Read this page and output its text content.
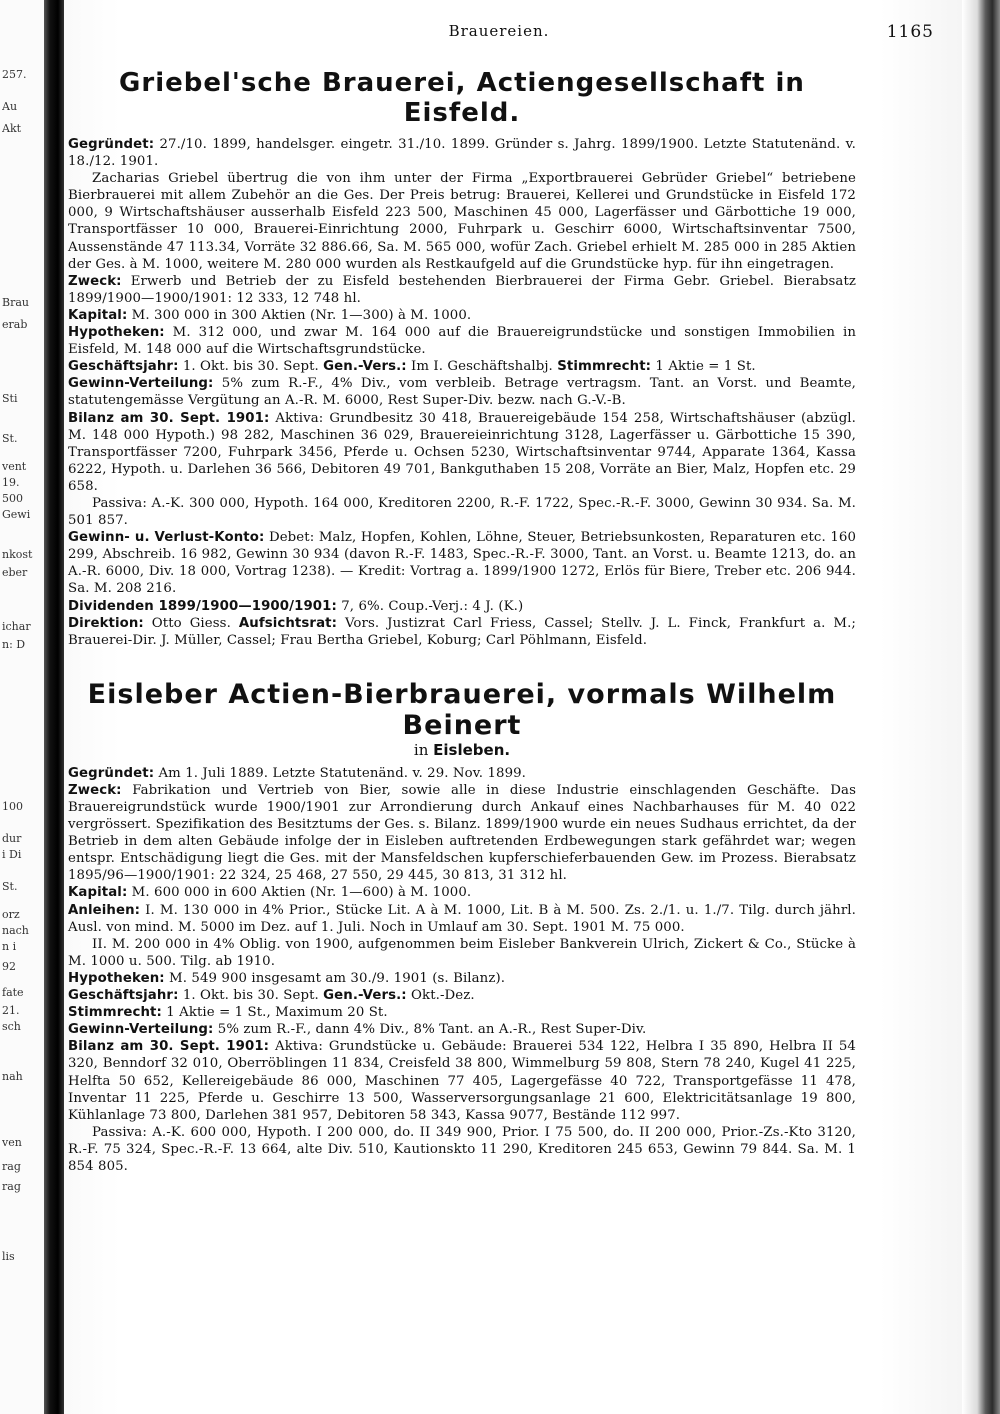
257.
Au
Akt
Brau
erab
Sti
St.
vent
19.
500
Gewi
nkost
eber
ichar
n: D
100
dur
i Di
St.
orz
nach
n i
92
fate
21.
sch
nah
ven
rag
rag
lis
Brauereien.	1165
Griebel'sche Brauerei, Actiengesellschaft in Eisfeld.

Gegründet: 27./10. 1899, handelsger. eingetr. 31./10. 1899. Gründer s. Jahrg. 1899/1900. Letzte Statutenänd. v. 18./12. 1901.

Zacharias Griebel übertrug die von ihm unter der Firma „Exportbrauerei Gebrüder Griebel“ betriebene Bierbrauerei mit allem Zubehör an die Ges. Der Preis betrug: Brauerei, Kellerei und Grundstücke in Eisfeld 172 000, 9 Wirtschaftshäuser ausserhalb Eisfeld 223 500, Maschinen 45 000, Lagerfässer und Gärbottiche 19 000, Transportfässer 10 000, Brauerei-Einrichtung 2000, Fuhrpark u. Geschirr 6000, Wirtschaftsinventar 7500, Aussenstände 47 113.34, Vorräte 32 886.66, Sa. M. 565 000, wofür Zach. Griebel erhielt M. 285 000 in 285 Aktien der Ges. à M. 1000, weitere M. 280 000 wurden als Restkaufgeld auf die Grundstücke hyp. für ihn eingetragen.

Zweck: Erwerb und Betrieb der zu Eisfeld bestehenden Bierbrauerei der Firma Gebr. Griebel. Bierabsatz 1899/1900—1900/1901: 12 333, 12 748 hl.

Kapital: M. 300 000 in 300 Aktien (Nr. 1—300) à M. 1000.

Hypotheken: M. 312 000, und zwar M. 164 000 auf die Brauereigrundstücke und sonstigen Immobilien in Eisfeld, M. 148 000 auf die Wirtschaftsgrundstücke.

Geschäftsjahr: 1. Okt. bis 30. Sept. Gen.-Vers.: Im I. Geschäftshalbj. Stimmrecht: 1 Aktie = 1 St.

Gewinn-Verteilung: 5% zum R.-F., 4% Div., vom verbleib. Betrage vertragsm. Tant. an Vorst. und Beamte, statutengemässe Vergütung an A.-R. M. 6000, Rest Super-Div. bezw. nach G.-V.-B.

Bilanz am 30. Sept. 1901: Aktiva: Grundbesitz 30 418, Brauereigebäude 154 258, Wirtschaftshäuser (abzügl. M. 148 000 Hypoth.) 98 282, Maschinen 36 029, Brauereieinrichtung 3128, Lagerfässer u. Gärbottiche 15 390, Transportfässer 7200, Fuhrpark 3456, Pferde u. Ochsen 5230, Wirtschaftsinventar 9744, Apparate 1364, Kassa 6222, Hypoth. u. Darlehen 36 566, Debitoren 49 701, Bankguthaben 15 208, Vorräte an Bier, Malz, Hopfen etc. 29 658.

Passiva: A.-K. 300 000, Hypoth. 164 000, Kreditoren 2200, R.-F. 1722, Spec.-R.-F. 3000, Gewinn 30 934. Sa. M. 501 857.

Gewinn- u. Verlust-Konto: Debet: Malz, Hopfen, Kohlen, Löhne, Steuer, Betriebsunkosten, Reparaturen etc. 160 299, Abschreib. 16 982, Gewinn 30 934 (davon R.-F. 1483, Spec.-R.-F. 3000, Tant. an Vorst. u. Beamte 1213, do. an A.-R. 6000, Div. 18 000, Vortrag 1238). — Kredit: Vortrag a. 1899/1900 1272, Erlös für Biere, Treber etc. 206 944. Sa. M. 208 216.

Dividenden 1899/1900—1900/1901: 7, 6%. Coup.-Verj.: 4 J. (K.)

Direktion: Otto Giess. Aufsichtsrat: Vors. Justizrat Carl Friess, Cassel; Stellv. J. L. Finck, Frankfurt a. M.; Brauerei-Dir. J. Müller, Cassel; Frau Bertha Griebel, Koburg; Carl Pöhlmann, Eisfeld.

Eisleber Actien-Bierbrauerei, vormals Wilhelm Beinert
in Eisleben.

Gegründet: Am 1. Juli 1889. Letzte Statutenänd. v. 29. Nov. 1899.

Zweck: Fabrikation und Vertrieb von Bier, sowie alle in diese Industrie einschlagenden Geschäfte. Das Brauereigrundstück wurde 1900/1901 zur Arrondierung durch Ankauf eines Nachbarhauses für M. 40 022 vergrössert. Spezifikation des Besitztums der Ges. s. Bilanz. 1899/1900 wurde ein neues Sudhaus errichtet, da der Betrieb in dem alten Gebäude infolge der in Eisleben auftretenden Erdbewegungen stark gefährdet war; wegen entspr. Entschädigung liegt die Ges. mit der Mansfeldschen kupferschieferbauenden Gew. im Prozess. Bierabsatz 1895/96—1900/1901: 22 324, 25 468, 27 550, 29 445, 30 813, 31 312 hl.

Kapital: M. 600 000 in 600 Aktien (Nr. 1—600) à M. 1000.

Anleihen: I. M. 130 000 in 4% Prior., Stücke Lit. A à M. 1000, Lit. B à M. 500. Zs. 2./1. u. 1./7. Tilg. durch jährl. Ausl. von mind. M. 5000 im Dez. auf 1. Juli. Noch in Umlauf am 30. Sept. 1901 M. 75 000.

II. M. 200 000 in 4% Oblig. von 1900, aufgenommen beim Eisleber Bankverein Ulrich, Zickert & Co., Stücke à M. 1000 u. 500. Tilg. ab 1910.

Hypotheken: M. 549 900 insgesamt am 30./9. 1901 (s. Bilanz).

Geschäftsjahr: 1. Okt. bis 30. Sept. Gen.-Vers.: Okt.-Dez.

Stimmrecht: 1 Aktie = 1 St., Maximum 20 St.

Gewinn-Verteilung: 5% zum R.-F., dann 4% Div., 8% Tant. an A.-R., Rest Super-Div.

Bilanz am 30. Sept. 1901: Aktiva: Grundstücke u. Gebäude: Brauerei 534 122, Helbra I 35 890, Helbra II 54 320, Benndorf 32 010, Oberröblingen 11 834, Creisfeld 38 800, Wimmelburg 59 808, Stern 78 240, Kugel 41 225, Helfta 50 652, Kellereigebäude 86 000, Maschinen 77 405, Lagergefässe 40 722, Transportgefässe 11 478, Inventar 11 225, Pferde u. Geschirre 13 500, Wasserversorgungsanlage 21 600, Elektricitätsanlage 19 800, Kühlanlage 73 800, Darlehen 381 957, Debitoren 58 343, Kassa 9077, Bestände 112 997.

Passiva: A.-K. 600 000, Hypoth. I 200 000, do. II 349 900, Prior. I 75 500, do. II 200 000, Prior.-Zs.-Kto 3120, R.-F. 75 324, Spec.-R.-F. 13 664, alte Div. 510, Kautionskto 11 290, Kreditoren 245 653, Gewinn 79 844. Sa. M. 1 854 805.
